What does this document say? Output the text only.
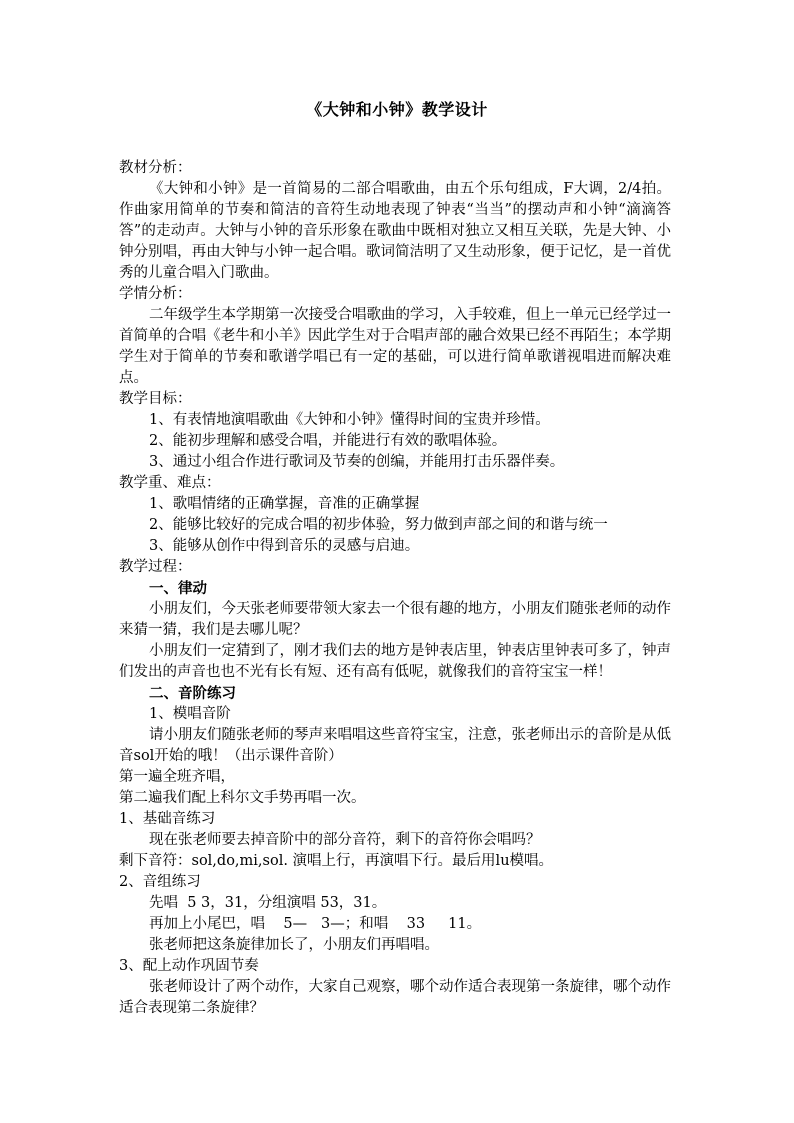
《大钟和小钟》教学设计
教材分析：
《大钟和小钟》是一首简易的二部合唱歌曲，由五个乐句组成，F大调，2/4拍。作曲家用简单的节奏和简洁的音符生动地表现了钟表“当当”的摆动声和小钟“滴滴答答”的走动声。大钟与小钟的音乐形象在歌曲中既相对独立又相互关联，先是大钟、小钟分别唱，再由大钟与小钟一起合唱。歌词简洁明了又生动形象，便于记忆，是一首优秀的儿童合唱入门歌曲。
学情分析：
二年级学生本学期第一次接受合唱歌曲的学习，入手较难，但上一单元已经学过一首简单的合唱《老牛和小羊》因此学生对于合唱声部的融合效果已经不再陌生；本学期学生对于简单的节奏和歌谱学唱已有一定的基础，可以进行简单歌谱视唱进而解决难点。
教学目标：
1、有表情地演唱歌曲《大钟和小钟》懂得时间的宝贵并珍惜。
2、能初步理解和感受合唱，并能进行有效的歌唱体验。
3、通过小组合作进行歌词及节奏的创编，并能用打击乐器伴奏。
教学重、难点：
1、歌唱情绪的正确掌握，音准的正确掌握
2、能够比较好的完成合唱的初步体验，努力做到声部之间的和谐与统一
3、能够从创作中得到音乐的灵感与启迪。
教学过程：
一、律动
小朋友们，今天张老师要带领大家去一个很有趣的地方，小朋友们随张老师的动作来猜一猜，我们是去哪儿呢？
小朋友们一定猜到了，刚才我们去的地方是钟表店里，钟表店里钟表可多了，钟声们发出的声音也也不光有长有短、还有高有低呢，就像我们的音符宝宝一样！
二、音阶练习
1、模唱音阶
请小朋友们随张老师的琴声来唱唱这些音符宝宝，注意，张老师出示的音阶是从低音sol开始的哦！（出示课件音阶）
第一遍全班齐唱，
第二遍我们配上科尔文手势再唱一次。
1、基础音练习
现在张老师要去掉音阶中的部分音符，剩下的音符你会唱吗？
剩下音符：sol,do,mi,sol. 演唱上行，再演唱下行。最后用lu模唱。
2、音组练习
先唱  5 3，31，分组演唱 53，31。
再加上小尾巴，唱    5—   3—；和唱    33     11。
张老师把这条旋律加长了，小朋友们再唱唱。
3、配上动作巩固节奏
张老师设计了两个动作，大家自己观察，哪个动作适合表现第一条旋律，哪个动作适合表现第二条旋律？
